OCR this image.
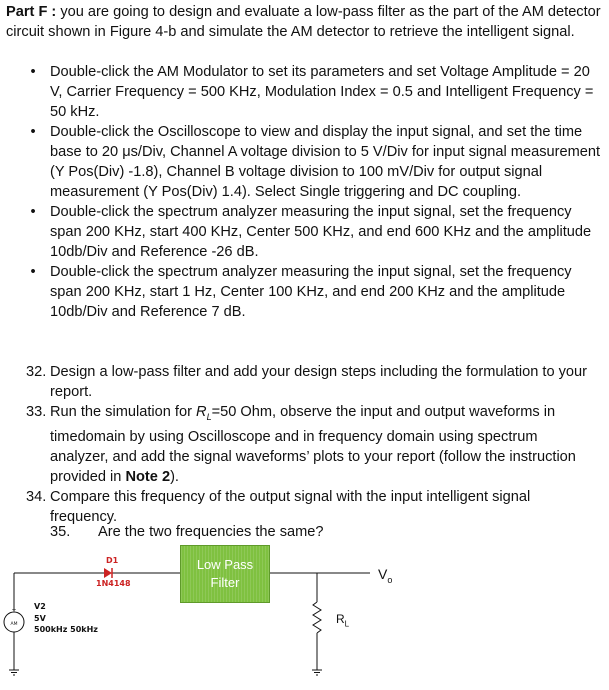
Part F : you are going to design and evaluate a low-pass filter as the part of the AM detector circuit shown in Figure 4-b and simulate the AM detector to retrieve the intelligent signal.
• Double-click the AM Modulator to set its parameters and set Voltage Amplitude = 20 V, Carrier Frequency = 500 KHz, Modulation Index = 0.5 and Intelligent Frequency = 50 kHz.
• Double-click the Oscilloscope to view and display the input signal, and set the time base to 20 μs/Div, Channel A voltage division to 5 V/Div for input signal measurement (Y Pos(Div) -1.8), Channel B voltage division to 100 mV/Div for output signal measurement (Y Pos(Div) 1.4). Select Single triggering and DC coupling.
• Double-click the spectrum analyzer measuring the input signal, set the frequency span 200 KHz, start 400 KHz, Center 500 KHz, and end 600 KHz and the amplitude 10db/Div and Reference -26 dB.
• Double-click the spectrum analyzer measuring the input signal, set the frequency span 200 KHz, start 1 Hz, Center 100 KHz, and end 200 KHz and the amplitude 10db/Div and Reference 7 dB.
32. Design a low-pass filter and add your design steps including the formulation to your report.
33. Run the simulation for $R_L=50$ Ohm, observe the input and output waveforms in timedomain by using Oscilloscope and in frequency domain using spectrum analyzer, and add the signal waveforms’ plots to your report (follow the instruction provided in Note 2).
34. Compare this frequency of the output signal with the input intelligent signal frequency.
35. Are the two frequencies the same?
+
AM
Low Pass
Filter
D1
1N4148
V2
5V
500kHz 50kHz
$V_o$
$R_L$
